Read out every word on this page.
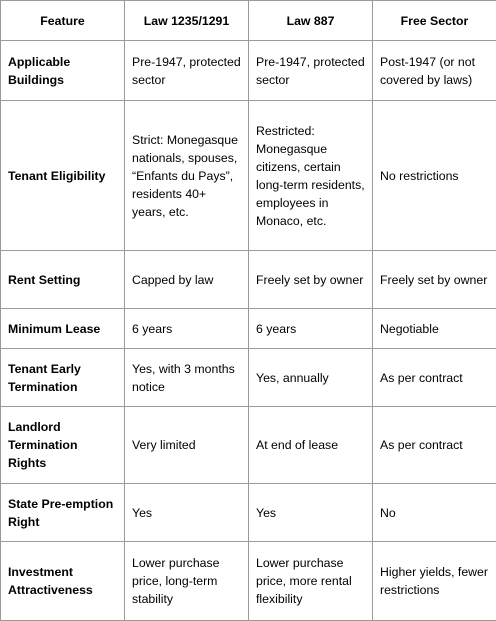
Feature	Law 1235/1291	Law 887	Free Sector
Applicable Buildings	Pre-1947, protected sector	Pre-1947, protected sector	Post-1947 (or not covered by laws)
Tenant Eligibility	Strict: Monegasque nationals, spouses, “Enfants du Pays”, residents 40+ years, etc.	Restricted: Monegasque citizens, certain long-term residents, employees in Monaco, etc.	No restrictions
Rent Setting	Capped by law	Freely set by owner	Freely set by owner
Minimum Lease	6 years	6 years	Negotiable
Tenant Early Termination	Yes, with 3 months notice	Yes, annually	As per contract
Landlord Termination Rights	Very limited	At end of lease	As per contract
State Pre-emption Right	Yes	Yes	No
Investment Attractiveness	Lower purchase price, long-term stability	Lower purchase price, more rental flexibility	Higher yields, fewer restrictions
